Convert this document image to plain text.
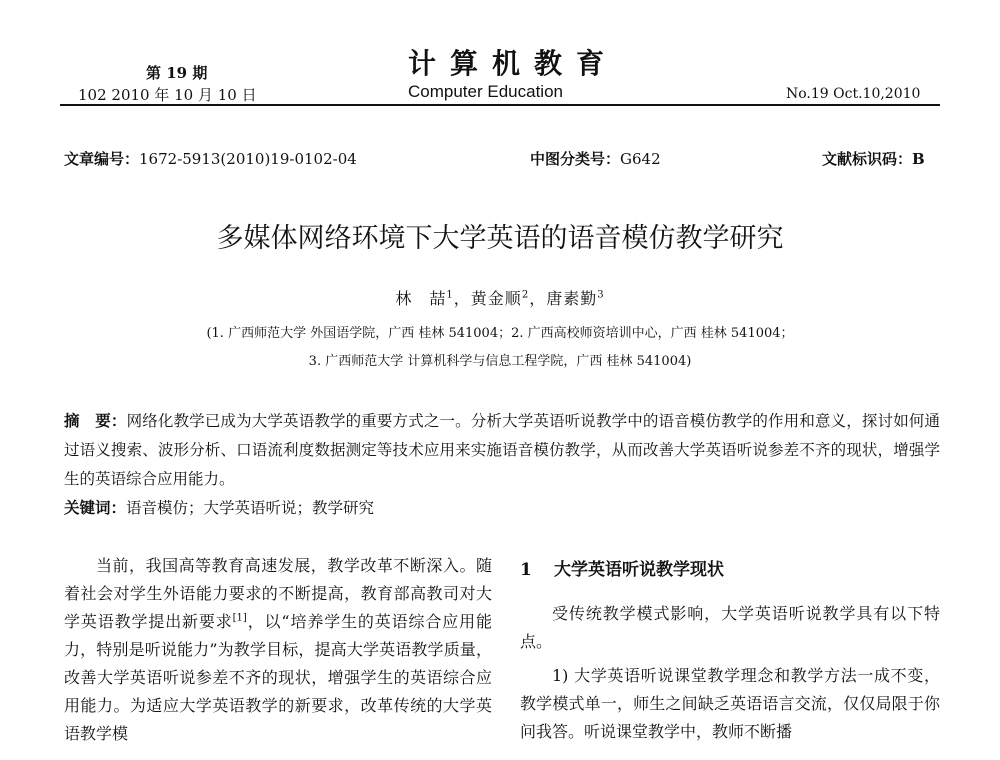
第 19 期	计算机教育
102 2010 年 10 月 10 日	Computer Education	No.19 Oct.10,2010
文章编号：1672-5913(2010)19-0102-04	中图分类号：G642	文献标识码：B
多媒体网络环境下大学英语的语音模仿教学研究
林　喆$^1$，黄金顺$^2$，唐素勤$^3$
(1. 广西师范大学 外国语学院，广西 桂林 541004；2. 广西高校师资培训中心，广西 桂林 541004；
3. 广西师范大学 计算机科学与信息工程学院，广西 桂林 541004)
摘　要：网络化教学已成为大学英语教学的重要方式之一。分析大学英语听说教学中的语音模仿教学的作用和意义，探讨如何通过语义搜索、波形分析、口语流利度数据测定等技术应用来实施语音模仿教学，从而改善大学英语听说参差不齐的现状，增强学生的英语综合应用能力。
关键词：语音模仿；大学英语听说；教学研究

当前，我国高等教育高速发展，教学改革不断深入。随着社会对学生外语能力要求的不断提高，教育部高教司对大学英语教学提出新要求[1]，以“培养学生的英语综合应用能力，特别是听说能力”为教学目标，提高大学英语教学质量，改善大学英语听说参差不齐的现状，增强学生的英语综合应用能力。为适应大学英语教学的新要求，改革传统的大学英语教学模

1 大学英语听说教学现状

受传统教学模式影响，大学英语听说教学具有以下特点。

1) 大学英语听说课堂教学理念和教学方法一成不变，教学模式单一，师生之间缺乏英语语言交流，仅仅局限于你问我答。听说课堂教学中，教师不断播
